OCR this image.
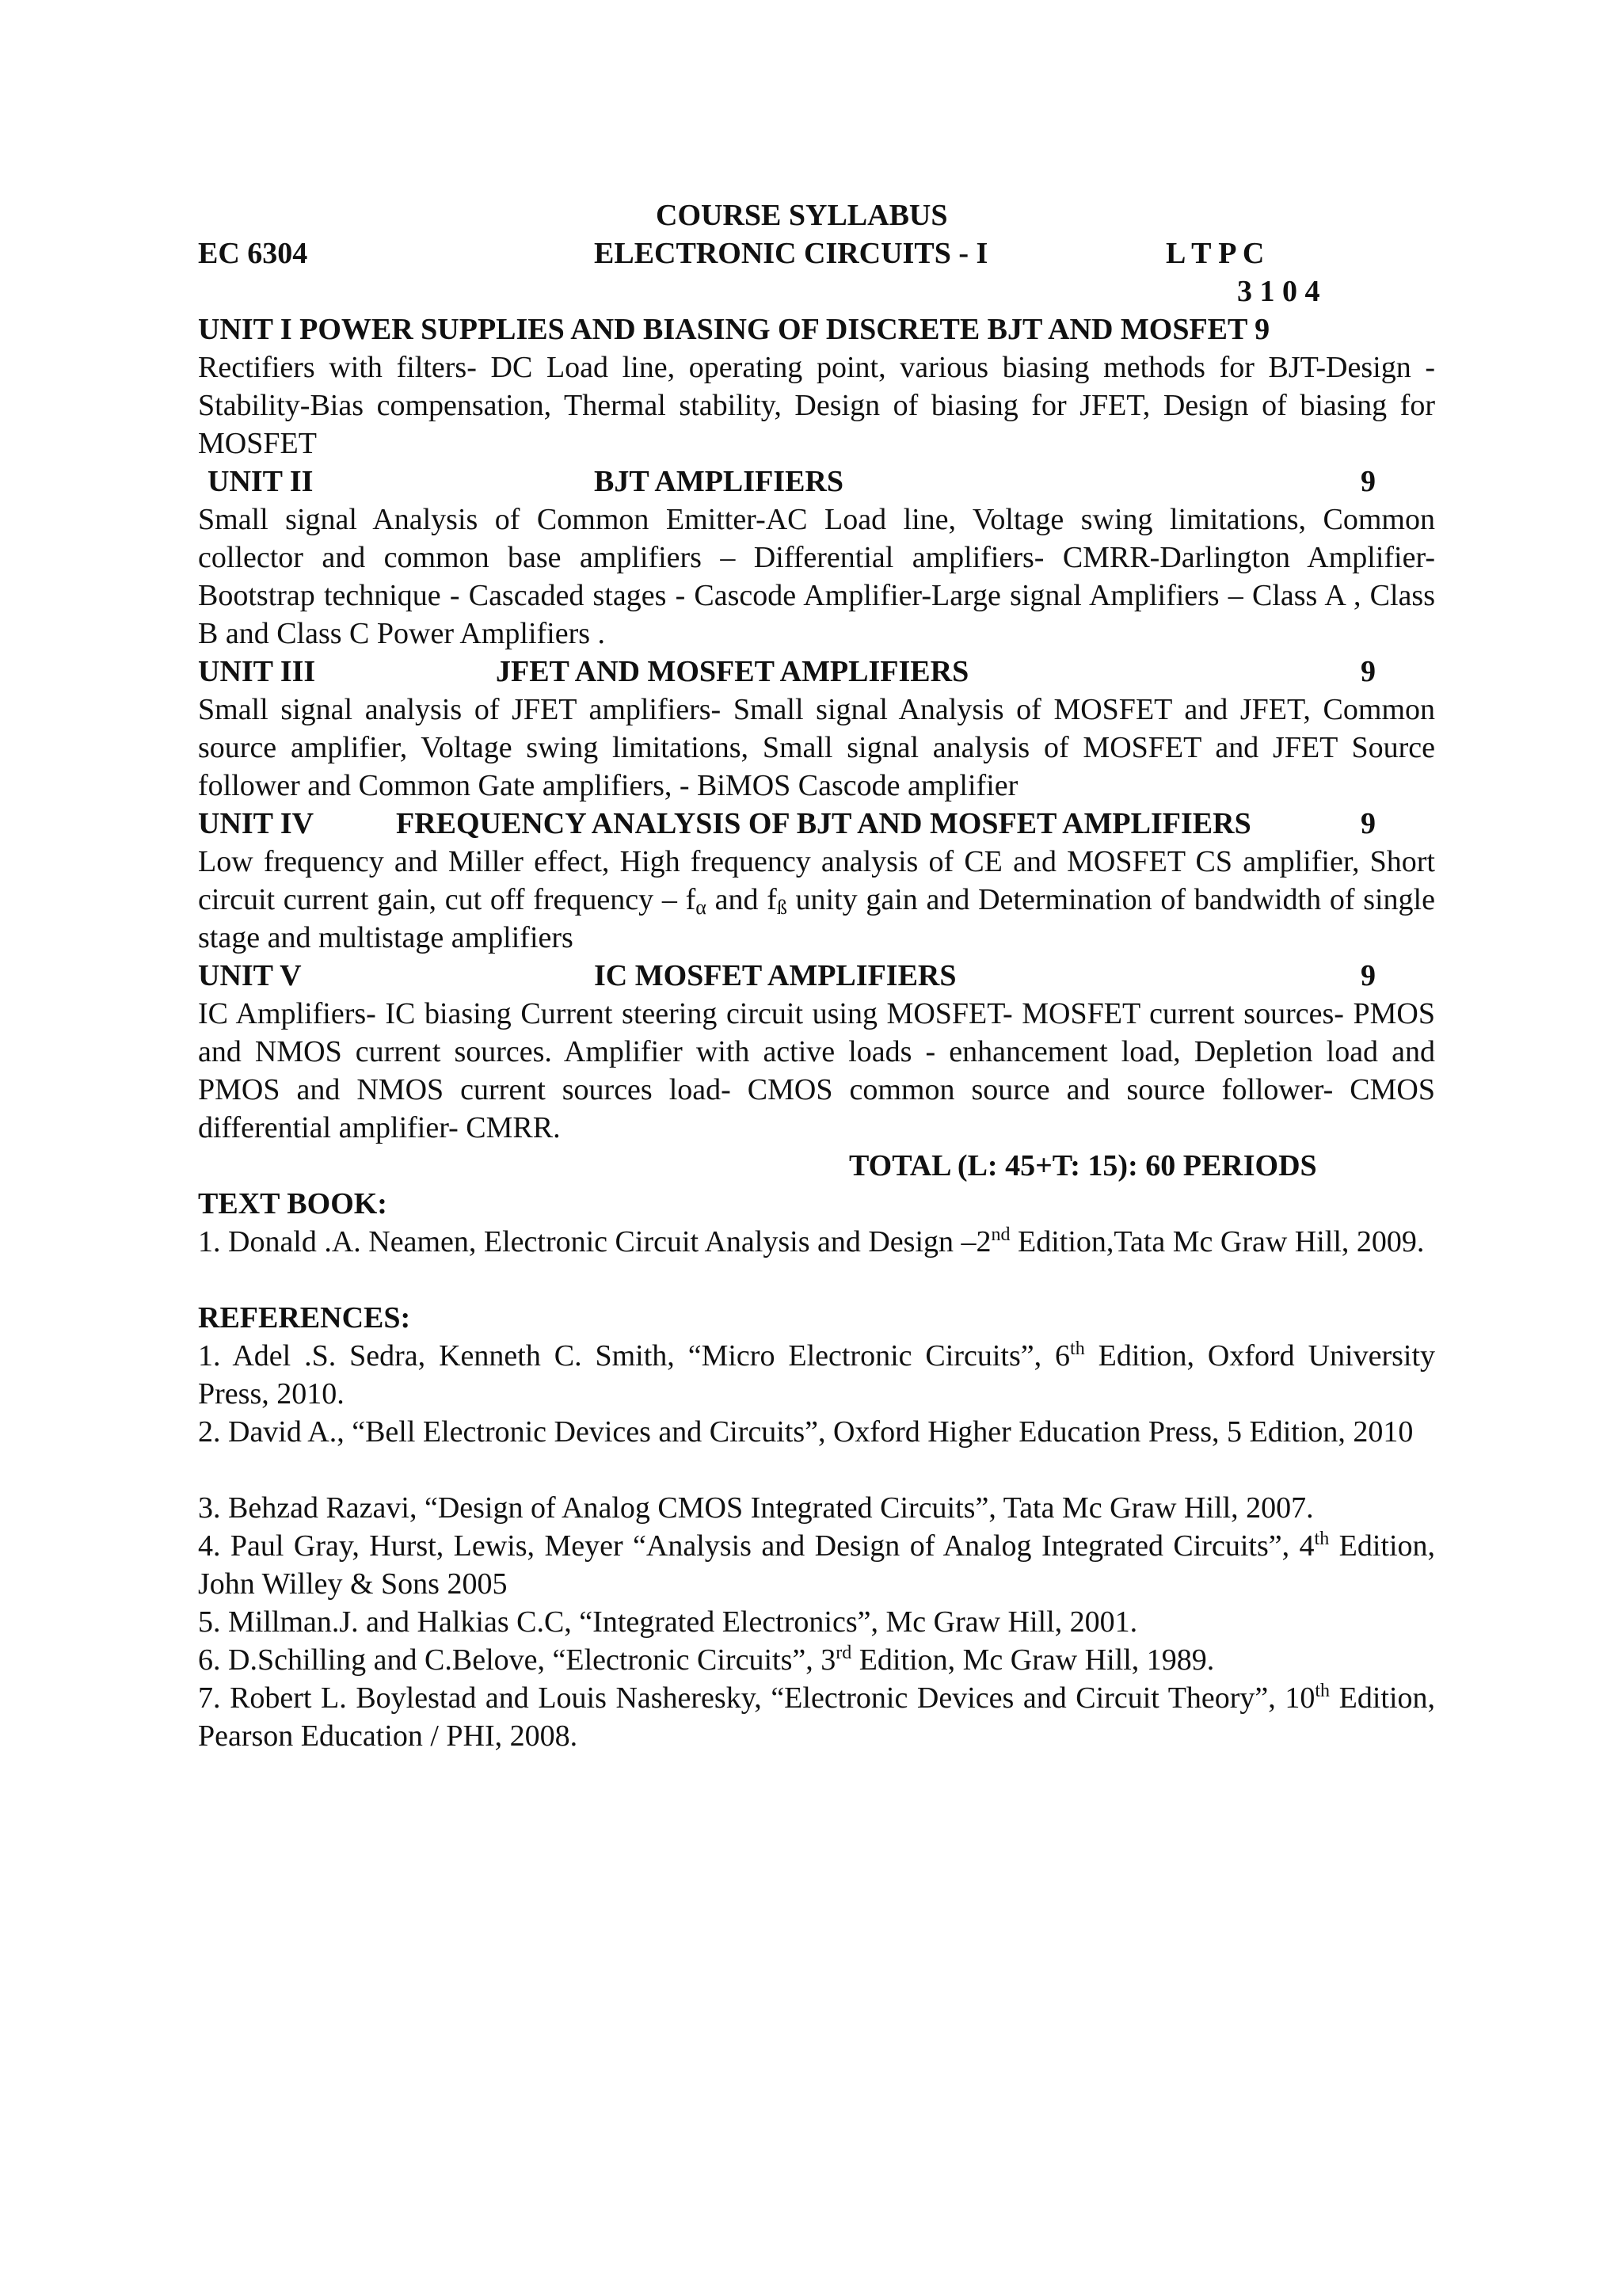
COURSE SYLLABUS
EC 6304	ELECTRONIC CIRCUITS - I	L T P C
3 1 0 4
UNIT I POWER SUPPLIES AND BIASING OF DISCRETE BJT AND MOSFET 9

Rectifiers with filters- DC Load line, operating point, various biasing methods for BJT-Design -Stability-Bias compensation, Thermal stability, Design of biasing for JFET, Design of biasing for MOSFET

UNIT II	BJT AMPLIFIERS	9

Small signal Analysis of Common Emitter-AC Load line, Voltage swing limitations, Common collector and common base amplifiers – Differential amplifiers- CMRR-Darlington Amplifier- Bootstrap technique - Cascaded stages - Cascode Amplifier-Large signal Amplifiers – Class A , Class B and Class C Power Amplifiers .

UNIT III	JFET AND MOSFET AMPLIFIERS	9

Small signal analysis of JFET amplifiers- Small signal Analysis of MOSFET and JFET, Common source amplifier, Voltage swing limitations, Small signal analysis of MOSFET and JFET Source follower and Common Gate amplifiers, - BiMOS Cascode amplifier

UNIT IV	FREQUENCY ANALYSIS OF BJT AND MOSFET AMPLIFIERS	9

Low frequency and Miller effect, High frequency analysis of CE and MOSFET CS amplifier, Short circuit current gain, cut off frequency – $f_\alpha$ and $f_ß$ unity gain and Determination of bandwidth of single stage and multistage amplifiers

UNIT V	IC MOSFET AMPLIFIERS	9

IC Amplifiers- IC biasing Current steering circuit using MOSFET- MOSFET current sources- PMOS and NMOS current sources. Amplifier with active loads - enhancement load, Depletion load and PMOS and NMOS current sources load- CMOS common source and source follower- CMOS differential amplifier- CMRR.

TOTAL (L: 45+T: 15): 60 PERIODS
TEXT BOOK:
1. Donald .A. Neamen, Electronic Circuit Analysis and Design –2nd Edition,Tata Mc Graw Hill, 2009.
REFERENCES:
1. Adel .S. Sedra, Kenneth C. Smith, “Micro Electronic Circuits”, 6th Edition, Oxford University Press, 2010.
2. David A., “Bell Electronic Devices and Circuits”, Oxford Higher Education Press, 5 Edition, 2010
3. Behzad Razavi, “Design of Analog CMOS Integrated Circuits”, Tata Mc Graw Hill, 2007.
4. Paul Gray, Hurst, Lewis, Meyer “Analysis and Design of Analog Integrated Circuits”, 4th Edition, John Willey & Sons 2005
5. Millman.J. and Halkias C.C, “Integrated Electronics”, Mc Graw Hill, 2001.
6. D.Schilling and C.Belove, “Electronic Circuits”, 3rd Edition, Mc Graw Hill, 1989.
7. Robert L. Boylestad and Louis Nasheresky, “Electronic Devices and Circuit Theory”, 10th Edition, Pearson Education / PHI, 2008.
